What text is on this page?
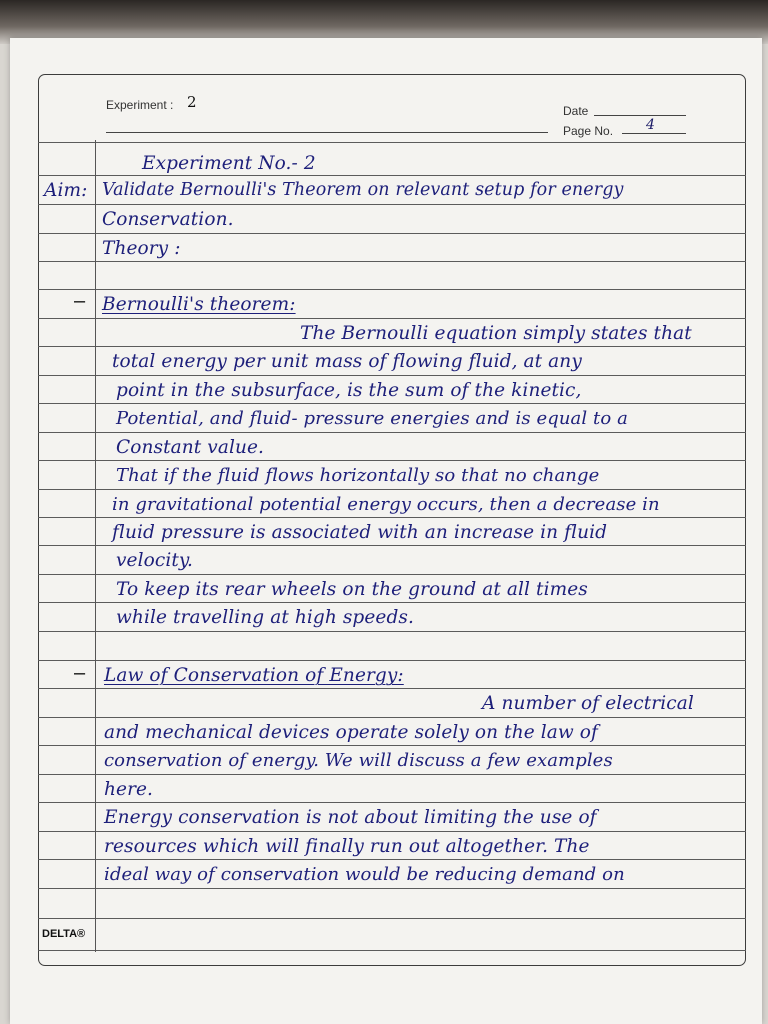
Experiment : 2	Date
Page No. 4
Experiment No.- 2
Aim: Validate Bernoulli's Theorem on relevant setup for energy
Conservation.
Theory :
– Bernoulli's theorem:
The Bernoulli equation simply states that
total energy per unit mass of flowing fluid, at any
point in the subsurface, is the sum of the kinetic,
Potential, and fluid- pressure energies and is equal to a
Constant value.
That if the fluid flows horizontally so that no change
in gravitational potential energy occurs, then a decrease in
fluid pressure is associated with an increase in fluid
velocity.
To keep its rear wheels on the ground at all times
while travelling at high speeds.
– Law of Conservation of Energy:
A number of electrical
and mechanical devices operate solely on the law of
conservation of energy. We will discuss a few examples
here.
Energy conservation is not about limiting the use of
resources which will finally run out altogether. The
ideal way of conservation would be reducing demand on
DELTA®
